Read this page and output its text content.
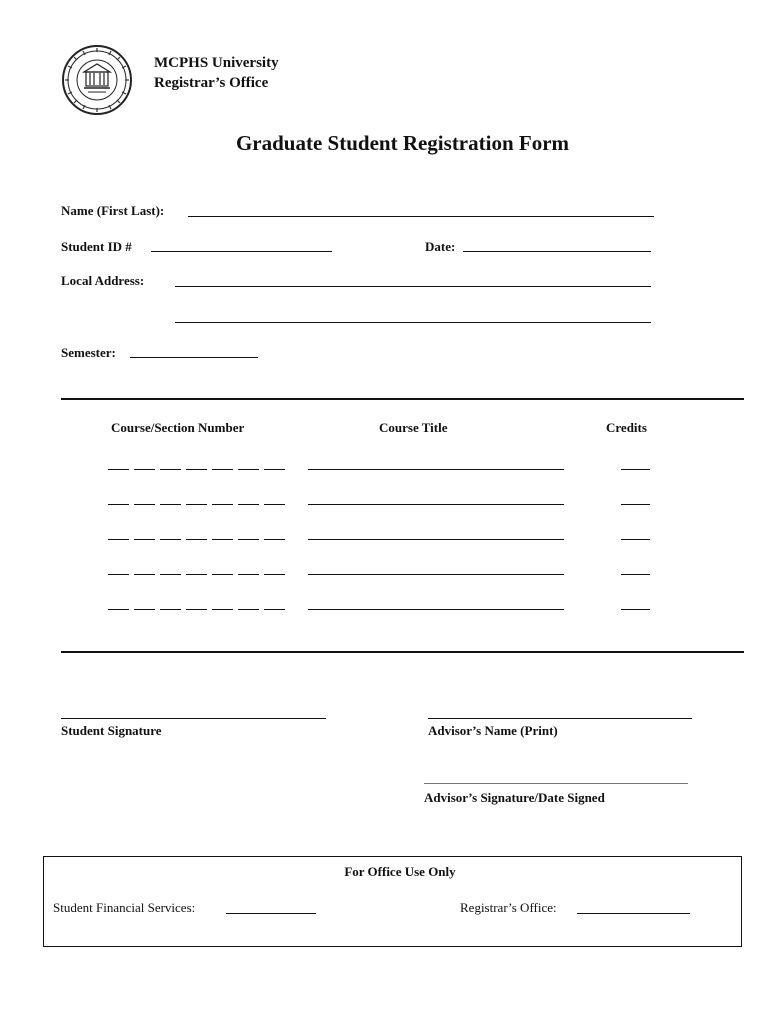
MCPHS University
Registrar’s Office
Graduate Student Registration Form
Name (First Last):
Student ID #	Date:
Local Address:
Semester:
Course/Section Number	Course Title	Credits
Student Signature	Advisor’s Name (Print)
Advisor’s Signature/Date Signed
For Office Use Only
Student Financial Services:	Registrar’s Office:
